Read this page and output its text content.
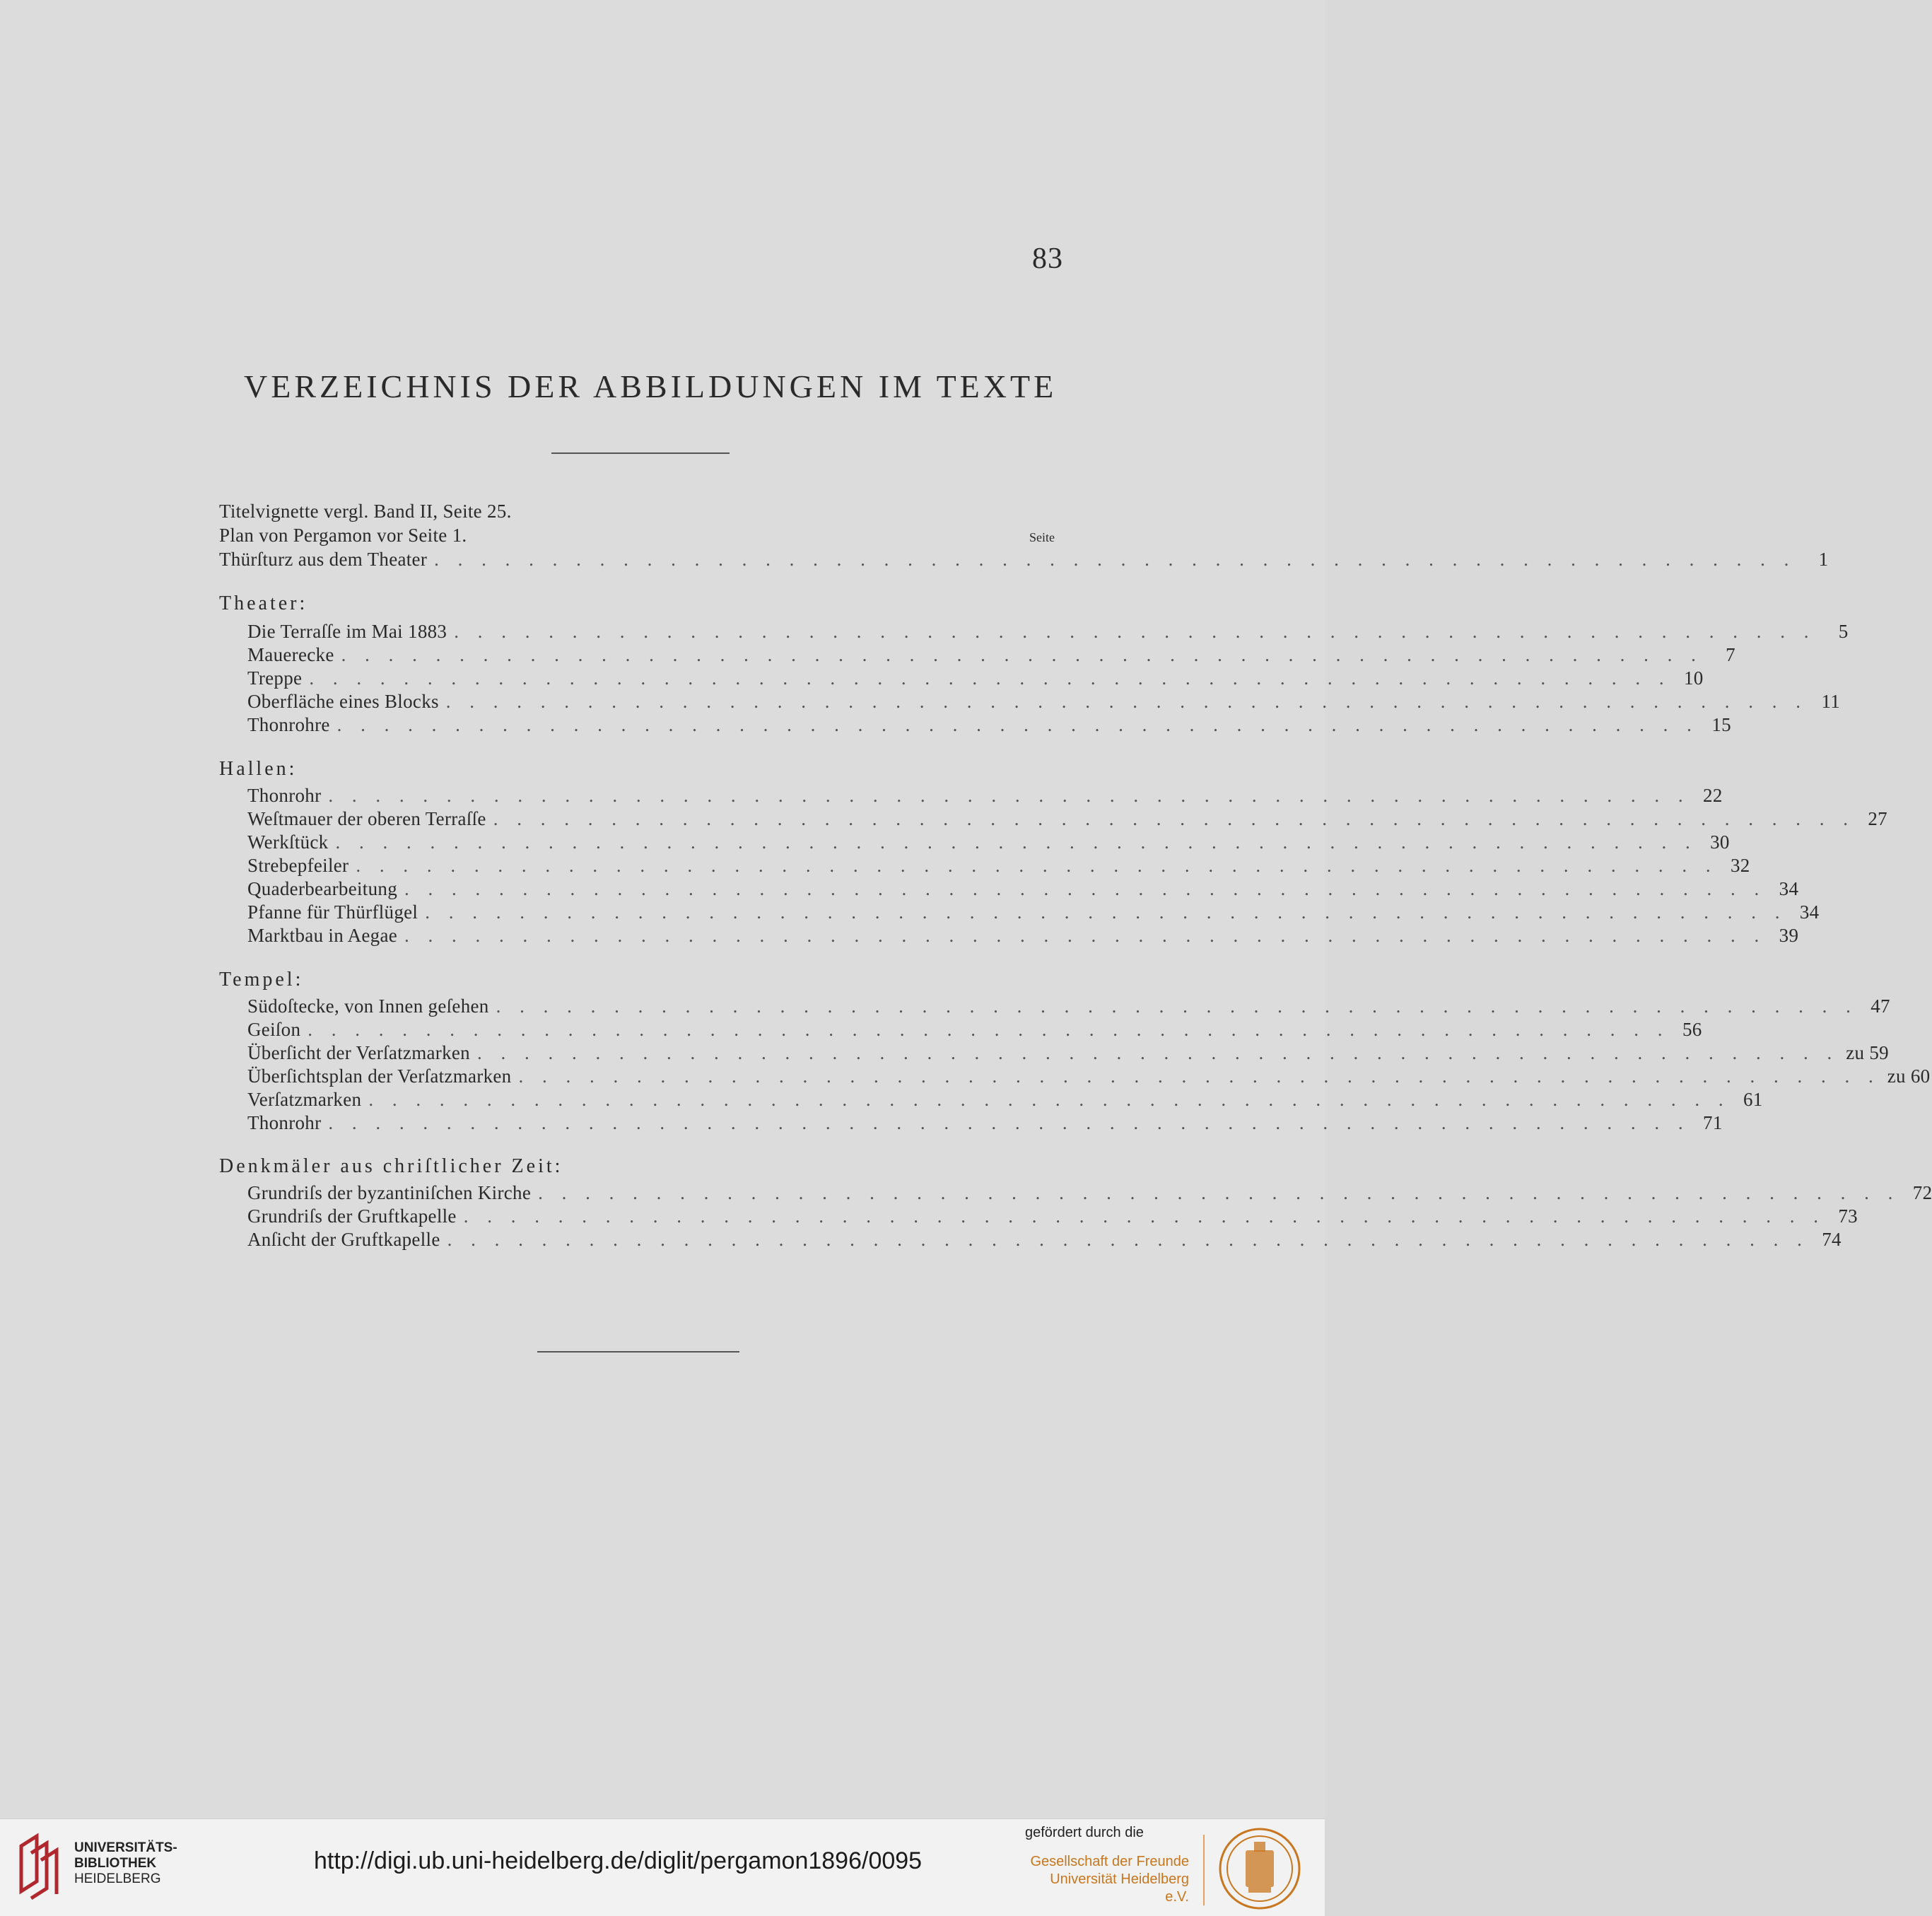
83
VERZEICHNIS DER ABBILDUNGEN IM TEXTE
Titelvignette vergl. Band II, Seite 25.
Plan von Pergamon vor Seite 1.	Seite
Thürſturz aus dem Theater . . . . . . . . . . . . . . . . . . . . . . . . . . . . . . . . . . . . . . . . . . . . . . . . . . . . . . . . . .	1
Theater:
Die Terraſſe im Mai 1883 . . . . . . . . . . . . . . . . . . . . . . . . . . . . . . . . . . . . . . . . . . . . . . . . . . . . . . . . . .	5
Mauerecke . . . . . . . . . . . . . . . . . . . . . . . . . . . . . . . . . . . . . . . . . . . . . . . . . . . . . . . . . .	7
Treppe . . . . . . . . . . . . . . . . . . . . . . . . . . . . . . . . . . . . . . . . . . . . . . . . . . . . . . . . . . 10
Oberfläche eines Blocks . . . . . . . . . . . . . . . . . . . . . . . . . . . . . . . . . . . . . . . . . . . . . . . . . . . . . . . . . . 11
Thonrohre . . . . . . . . . . . . . . . . . . . . . . . . . . . . . . . . . . . . . . . . . . . . . . . . . . . . . . . . . . 15
Hallen:
Thonrohr . . . . . . . . . . . . . . . . . . . . . . . . . . . . . . . . . . . . . . . . . . . . . . . . . . . . . . . . . . 22
Weſtmauer der oberen Terraſſe . . . . . . . . . . . . . . . . . . . . . . . . . . . . . . . . . . . . . . . . . . . . . . . . . . . . . . . . . . 27
Werkſtück . . . . . . . . . . . . . . . . . . . . . . . . . . . . . . . . . . . . . . . . . . . . . . . . . . . . . . . . . . 30
Strebepfeiler . . . . . . . . . . . . . . . . . . . . . . . . . . . . . . . . . . . . . . . . . . . . . . . . . . . . . . . . . . 32
Quaderbearbeitung . . . . . . . . . . . . . . . . . . . . . . . . . . . . . . . . . . . . . . . . . . . . . . . . . . . . . . . . . . 34
Pfanne für Thürflügel . . . . . . . . . . . . . . . . . . . . . . . . . . . . . . . . . . . . . . . . . . . . . . . . . . . . . . . . . . 34
Marktbau in Aegae . . . . . . . . . . . . . . . . . . . . . . . . . . . . . . . . . . . . . . . . . . . . . . . . . . . . . . . . . . 39
Tempel:
Südoſtecke, von Innen geſehen . . . . . . . . . . . . . . . . . . . . . . . . . . . . . . . . . . . . . . . . . . . . . . . . . . . . . . . . . . 47
Geiſon . . . . . . . . . . . . . . . . . . . . . . . . . . . . . . . . . . . . . . . . . . . . . . . . . . . . . . . . . . 56
Überſicht der Verſatzmarken . . . . . . . . . . . . . . . . . . . . . . . . . . . . . . . . . . . . . . . . . . . . . . . . . . . . . . . . . . zu 59
Überſichtsplan der Verſatzmarken . . . . . . . . . . . . . . . . . . . . . . . . . . . . . . . . . . . . . . . . . . . . . . . . . . . . . . . . . . zu 60
Verſatzmarken . . . . . . . . . . . . . . . . . . . . . . . . . . . . . . . . . . . . . . . . . . . . . . . . . . . . . . . . . . 61
Thonrohr . . . . . . . . . . . . . . . . . . . . . . . . . . . . . . . . . . . . . . . . . . . . . . . . . . . . . . . . . . 71
Denkmäler aus chriſtlicher Zeit:
Grundriſs der byzantiniſchen Kirche . . . . . . . . . . . . . . . . . . . . . . . . . . . . . . . . . . . . . . . . . . . . . . . . . . . . . . . . . . 72
Grundriſs der Gruftkapelle . . . . . . . . . . . . . . . . . . . . . . . . . . . . . . . . . . . . . . . . . . . . . . . . . . . . . . . . . . 73
Anſicht der Gruftkapelle . . . . . . . . . . . . . . . . . . . . . . . . . . . . . . . . . . . . . . . . . . . . . . . . . . . . . . . . . . 74
UNIVERSITÄTS-
BIBLIOTHEK
HEIDELBERG
http://digi.ub.uni-heidelberg.de/diglit/pergamon1896/0095
gefördert durch die
Gesellschaft der Freunde
Universität Heidelberg e.V.
